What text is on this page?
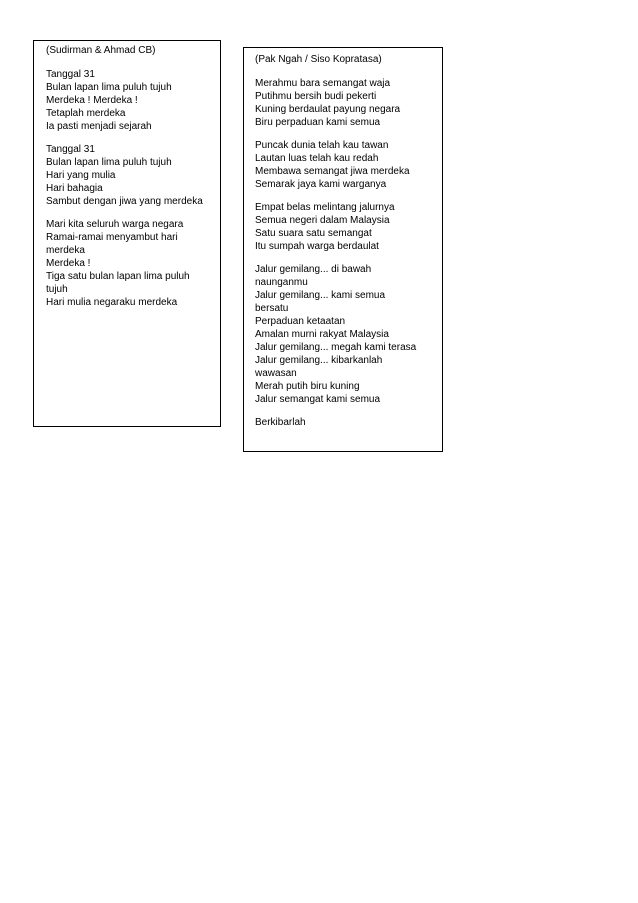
(Sudirman & Ahmad CB)
Tanggal 31
Bulan lapan lima puluh tujuh
Merdeka ! Merdeka !
Tetaplah merdeka
Ia pasti menjadi sejarah
Tanggal 31
Bulan lapan lima puluh tujuh
Hari yang mulia
Hari bahagia
Sambut dengan jiwa yang merdeka
Mari kita seluruh warga negara
Ramai-ramai menyambut hari
merdeka
Merdeka !
Tiga satu bulan lapan lima puluh
tujuh
Hari mulia negaraku merdeka
(Pak Ngah / Siso Kopratasa)
Merahmu bara semangat waja
Putihmu bersih budi pekerti
Kuning berdaulat payung negara
Biru perpaduan kami semua
Puncak dunia telah kau tawan
Lautan luas telah kau redah
Membawa semangat jiwa merdeka
Semarak jaya kami warganya
Empat belas melintang jalurnya
Semua negeri dalam Malaysia
Satu suara satu semangat
Itu sumpah warga berdaulat
Jalur gemilang... di bawah
naunganmu
Jalur gemilang... kami semua
bersatu
Perpaduan ketaatan
Amalan murni rakyat Malaysia
Jalur gemilang... megah kami terasa
Jalur gemilang... kibarkanlah
wawasan
Merah putih biru kuning
Jalur semangat kami semua
Berkibarlah
